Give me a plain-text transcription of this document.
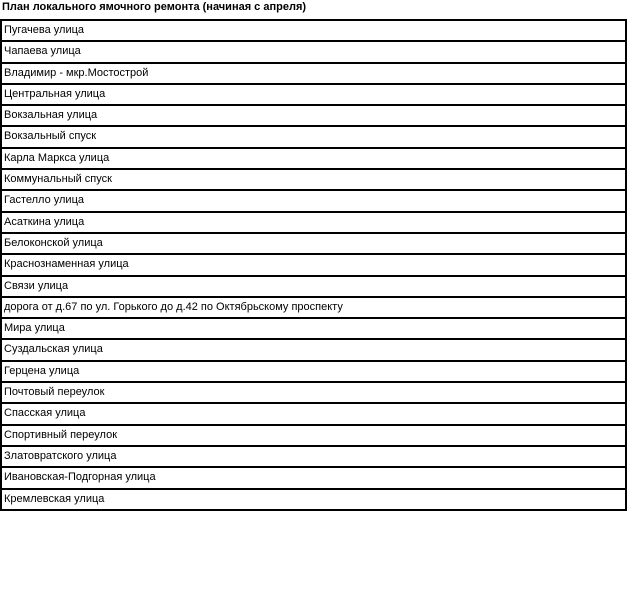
План локального ямочного ремонта (начиная с апреля)
Пугачева улица
Чапаева улица
Владимир - мкр.Мостострой
Центральная улица
Вокзальная улица
Вокзальный спуск
Карла Маркса улица
Коммунальный спуск
Гастелло улица
Асаткина улица
Белоконской улица
Краснознаменная улица
Связи улица
дорога от д.67 по ул. Горького до д.42 по Октябрьскому проспекту
Мира улица
Суздальская улица
Герцена улица
Почтовый переулок
Спасская улица
Спортивный переулок
Златовратского улица
Ивановская-Подгорная улица
Кремлевская улица
